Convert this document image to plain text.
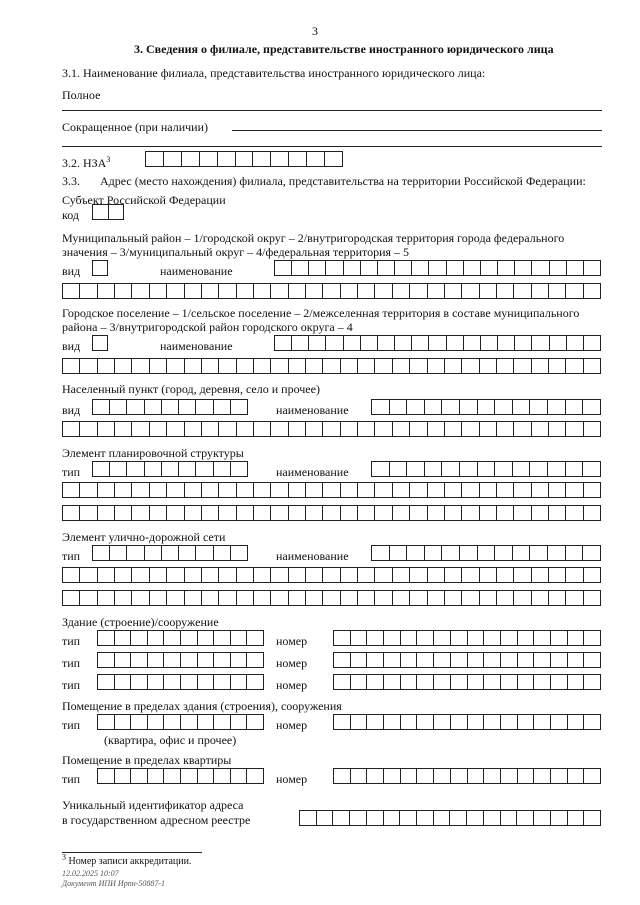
3
3. Сведения о филиале, представительстве иностранного юридического лица
3.1. Наименование филиала, представительства иностранного юридического лица:
Полное
Сокращенное (при наличии)
3.2. НЗА$^3$
3.3. Адрес (место нахождения) филиала, представительства на территории Российской Федерации:
Субъект Российской Федерации
код
Муниципальный район – 1/городской округ – 2/внутригородская территория города федерального
значения – 3/муниципальный округ – 4/федеральная территория – 5
вид	наименование
Городское поселение – 1/сельское поселение – 2/межселенная территория в составе муниципального
района – 3/внутригородской район городского округа – 4
вид	наименование
Населенный пункт (город, деревня, село и прочее)
вид	наименование
Элемент планировочной структуры
тип	наименование
Элемент улично-дорожной сети
тип	наименование
Здание (строение)/сооружение
тип	номер
тип	номер
тип	номер
Помещение в пределах здания (строения), сооружения
тип	номер
(квартира, офис и прочее)
Помещение в пределах квартиры
тип	номер
Уникальный идентификатор адреса
в государственном адресном реестре
$^3$ Номер записи аккредитации.
12.02.2025 10:07
Документ ИПИ Ирпн-50887-1
